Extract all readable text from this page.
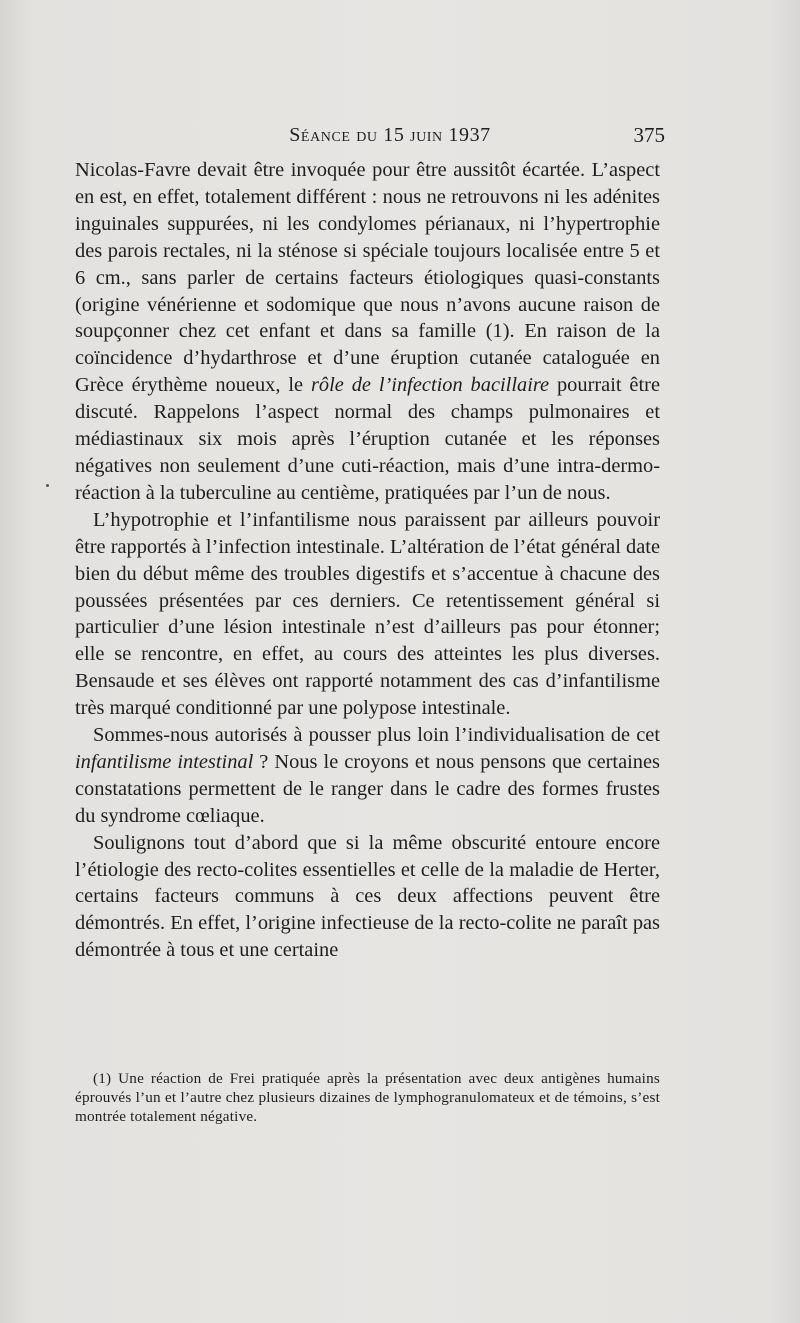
Séance du 15 juin 1937	375

Nicolas-Favre devait être invoquée pour être aussitôt écartée. L’aspect en est, en effet, totalement différent : nous ne retrouvons ni les adénites inguinales suppurées, ni les condylomes périanaux, ni l’hypertrophie des parois rectales, ni la sténose si spéciale toujours localisée entre 5 et 6 cm., sans parler de certains facteurs étiologiques quasi-constants (origine vénérienne et sodomique que nous n’avons aucune raison de soupçonner chez cet enfant et dans sa famille (1). En raison de la coïncidence d’hydarthrose et d’une éruption cutanée cataloguée en Grèce érythème noueux, le rôle de l’infection bacillaire pourrait être discuté. Rappelons l’aspect normal des champs pulmonaires et médiastinaux six mois après l’éruption cutanée et les réponses négatives non seulement d’une cuti-réaction, mais d’une intra-dermo-réaction à la tuberculine au centième, pratiquées par l’un de nous.

L’hypotrophie et l’infantilisme nous paraissent par ailleurs pouvoir être rapportés à l’infection intestinale. L’altération de l’état général date bien du début même des troubles digestifs et s’accentue à chacune des poussées présentées par ces derniers. Ce retentissement général si particulier d’une lésion intestinale n’est d’ailleurs pas pour étonner; elle se rencontre, en effet, au cours des atteintes les plus diverses. Bensaude et ses élèves ont rapporté notamment des cas d’infantilisme très marqué conditionné par une polypose intestinale.

Sommes-nous autorisés à pousser plus loin l’individualisation de cet infantilisme intestinal ? Nous le croyons et nous pensons que certaines constatations permettent de le ranger dans le cadre des formes frustes du syndrome cœliaque.

Soulignons tout d’abord que si la même obscurité entoure encore l’étiologie des recto-colites essentielles et celle de la maladie de Herter, certains facteurs communs à ces deux affections peuvent être démontrés. En effet, l’origine infectieuse de la recto-colite ne paraît pas démontrée à tous et une certaine

(1) Une réaction de Frei pratiquée après la présentation avec deux antigènes humains éprouvés l’un et l’autre chez plusieurs dizaines de lymphogranulomateux et de témoins, s’est montrée totalement négative.
